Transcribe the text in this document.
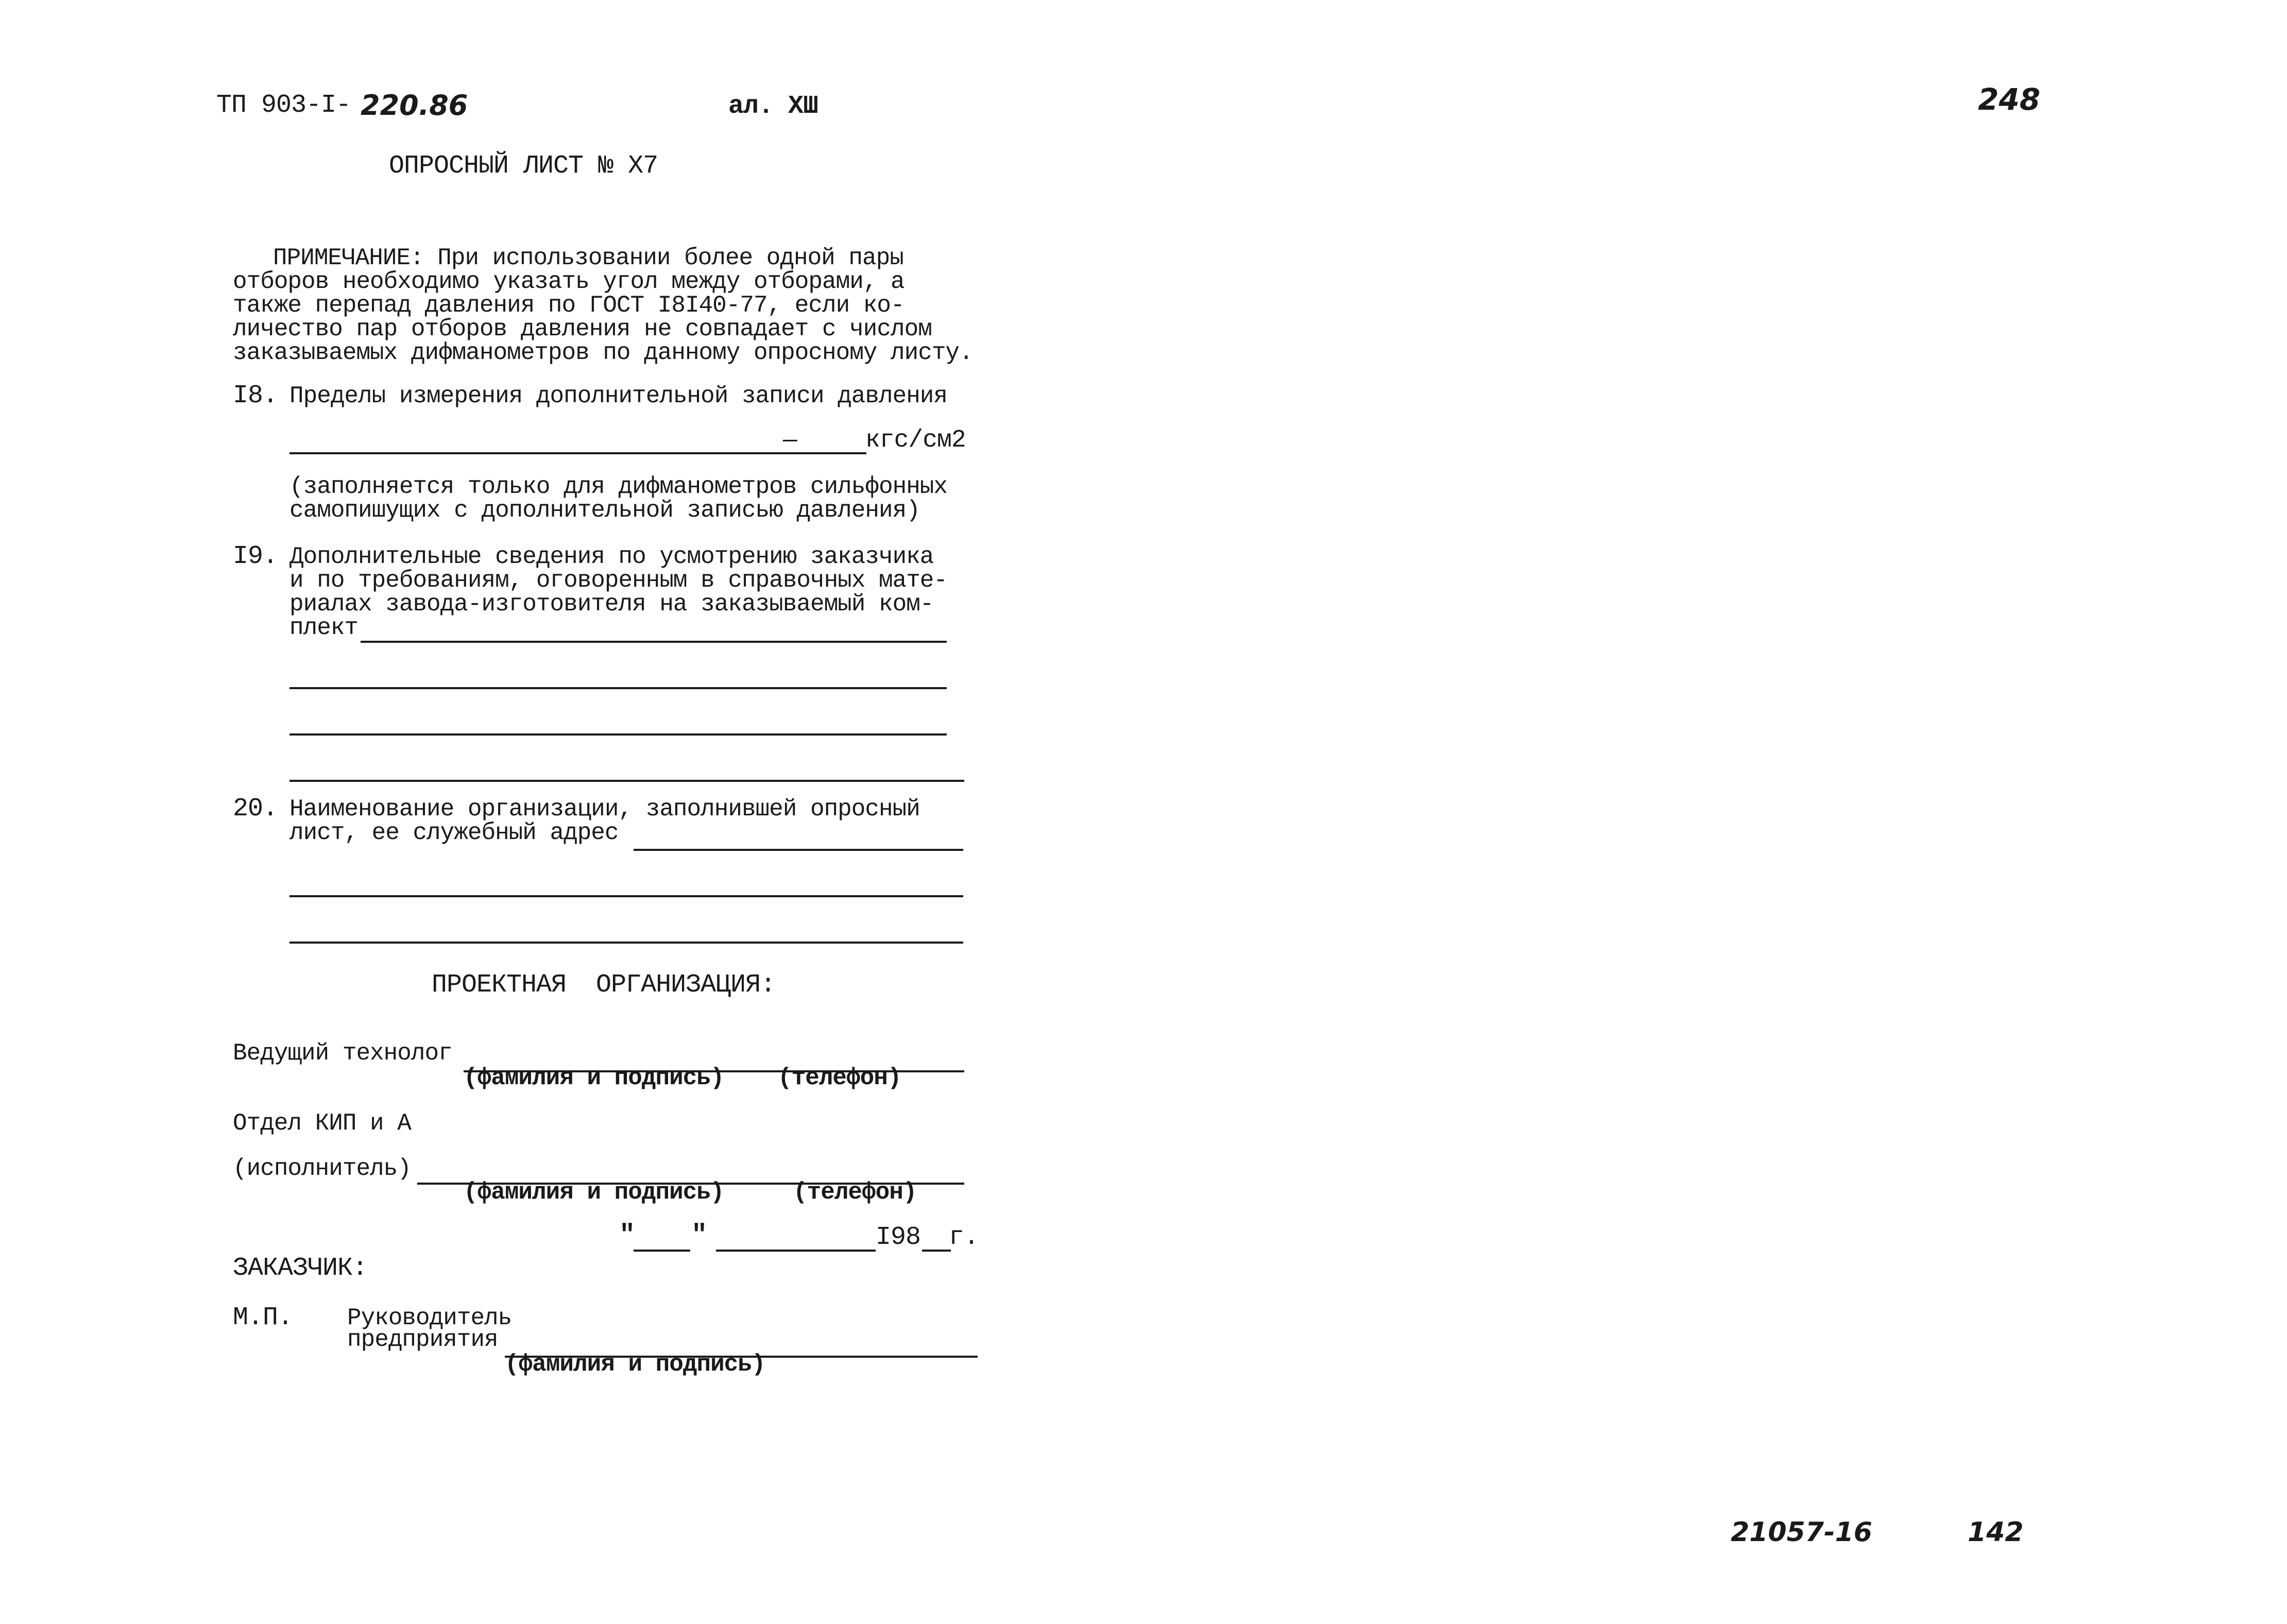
ТП 903-I- 220.86	ал. ХШ	248
ОПРОСНЫЙ ЛИСТ № Х7
ПРИМЕЧАНИЕ: При использовании более одной пары
отборов необходимо указать угол между отборами, а
также перепад давления по ГОСТ I8I40-77, если ко-
личество пар отборов давления не совпадает с числом
заказываемых дифманометров по данному опросному листу.
I8. Пределы измерения дополнительной записи давления
—	кгс/см2
(заполняется только для дифманометров сильфонных
самопишущих с дополнительной записью давления)
I9. Дополнительные сведения по усмотрению заказчика
и по требованиям, оговоренным в справочных мате-
риалах завода-изготовителя на заказываемый ком-
плект
20. Наименование организации, заполнившей опросный
лист, ее служебный адрес
ПРОЕКТНАЯ  ОРГАНИЗАЦИЯ:
Ведущий технолог
(фамилия и подпись) (телефон)
Отдел КИП и А
(исполнитель)
(фамилия и подпись)	(телефон)
" "	I98 г.
ЗАКАЗЧИК:
М.П. Руководитель
предприятия
(фамилия и подпись)
21057-16	142
